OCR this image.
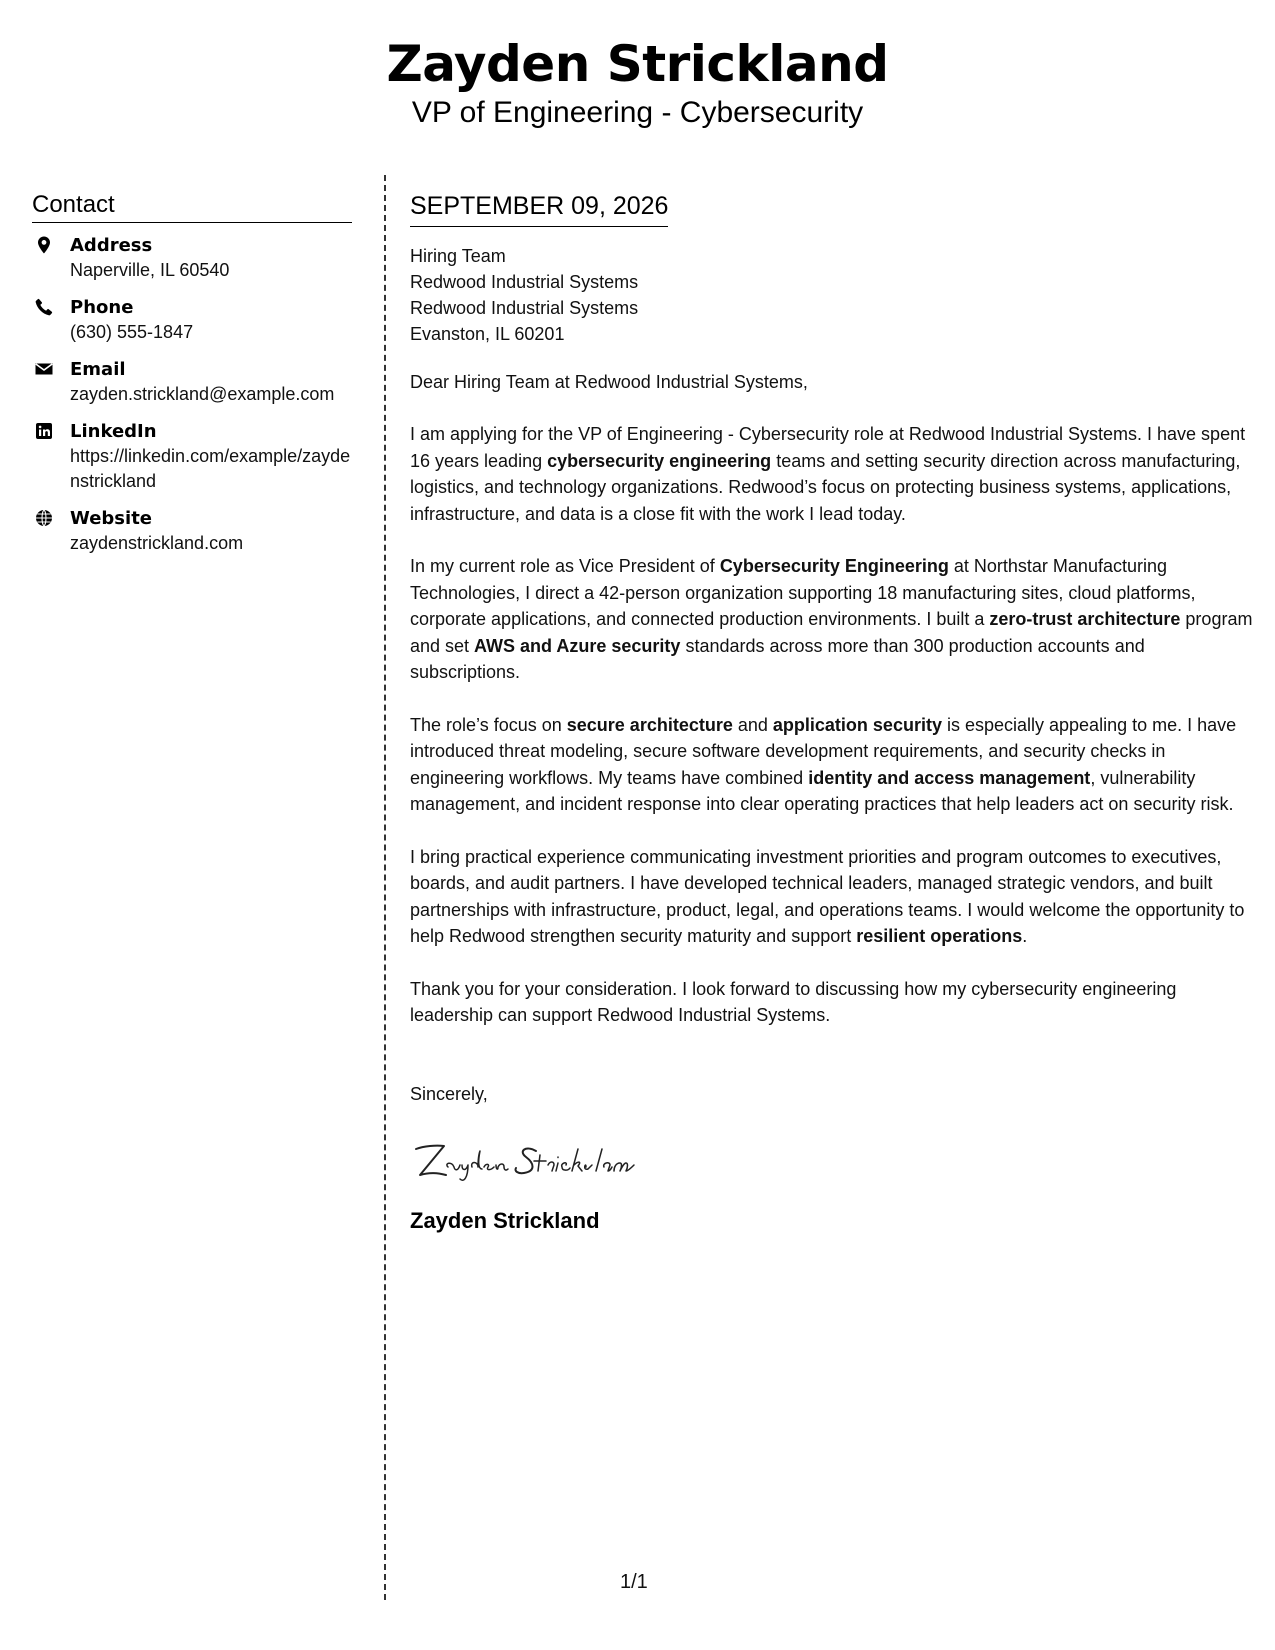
Zayden Strickland
VP of Engineering - Cybersecurity
Contact
Address
Naperville, IL 60540
Phone
(630) 555-1847
Email
zayden.strickland@example.com
LinkedIn
https://linkedin.com/example/zaydenstrickland
Website
zaydenstrickland.com
SEPTEMBER 09, 2026
Hiring Team
Redwood Industrial Systems
Redwood Industrial Systems
Evanston, IL 60201
Dear Hiring Team at Redwood Industrial Systems,
I am applying for the VP of Engineering - Cybersecurity role at Redwood Industrial Systems. I have spent 16 years leading cybersecurity engineering teams and setting security direction across manufacturing, logistics, and technology organizations. Redwood’s focus on protecting business systems, applications, infrastructure, and data is a close fit with the work I lead today.
In my current role as Vice President of Cybersecurity Engineering at Northstar Manufacturing Technologies, I direct a 42-person organization supporting 18 manufacturing sites, cloud platforms, corporate applications, and connected production environments. I built a zero-trust architecture program and set AWS and Azure security standards across more than 300 production accounts and subscriptions.
The role’s focus on secure architecture and application security is especially appealing to me. I have introduced threat modeling, secure software development requirements, and security checks in engineering workflows. My teams have combined identity and access management, vulnerability management, and incident response into clear operating practices that help leaders act on security risk.
I bring practical experience communicating investment priorities and program outcomes to executives, boards, and audit partners. I have developed technical leaders, managed strategic vendors, and built partnerships with infrastructure, product, legal, and operations teams. I would welcome the opportunity to help Redwood strengthen security maturity and support resilient operations.
Thank you for your consideration. I look forward to discussing how my cybersecurity engineering leadership can support Redwood Industrial Systems.
Sincerely,
Zayden Strickland
1/1
